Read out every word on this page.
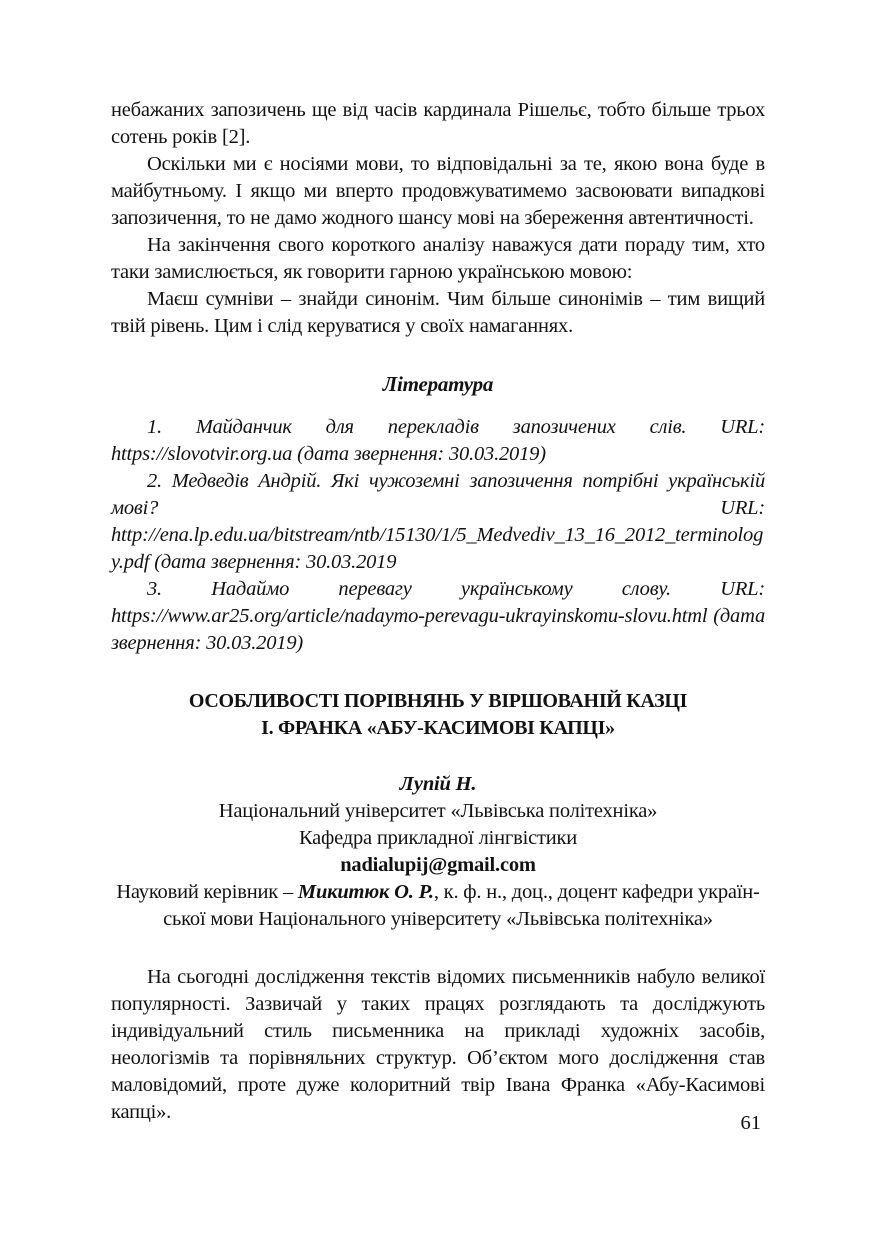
небажаних запозичень ще від часів кардинала Рішельє, тобто більше трьох сотень років [2].

Оскільки ми є носіями мови, то відповідальні за те, якою вона буде в майбутньому. І якщо ми вперто продовжуватимемо засвоювати випадкові запозичення, то не дамо жодного шансу мові на збереження автентичності.

На закінчення свого короткого аналізу наважуся дати пораду тим, хто таки замислюється, як говорити гарною українською мовою:

Маєш сумніви – знайди синонім. Чим більше синонімів – тим вищий твій рівень. Цим і слід керуватися у своїх намаганнях.

Література

1. Майданчик для перекладів запозичених слів. URL: https://slovotvir.org.ua (дата звернення: 30.03.2019)

2. Медведів Андрій. Які чужоземні запозичення потрібні українській мові? URL: http://ena.lp.edu.ua/bitstream/ntb/15130/1/5_Medvediv_13_16_2012_terminology.pdf (дата звернення: 30.03.2019

3. Надаймо перевагу українському слову. URL: https://www.ar25.org/article/nadaymo-perevagu-ukrayinskomu-slovu.html (дата звернення: 30.03.2019)

ОСОБЛИВОСТІ ПОРІВНЯНЬ У ВІРШОВАНІЙ КАЗЦІ
І. ФРАНКА «АБУ-КАСИМОВІ КАПЦІ»

Лупій Н.

Національний університет «Львівська політехніка»

Кафедра прикладної лінгвістики

nadialupij@gmail.com

Науковий керівник – Микитюк О. Р., к. ф. н., доц., доцент кафедри україн-

ської мови Національного університету «Львівська політехніка»

На сьогодні дослідження текстів відомих письменників набуло великої популярності. Зазвичай у таких працях розглядають та досліджують індивідуальний стиль письменника на прикладі художніх засобів, неологізмів та порівняльних структур. Об’єктом мого дослідження став маловідомий, проте дуже колоритний твір Івана Франка «Абу-Касимові капці».	61
